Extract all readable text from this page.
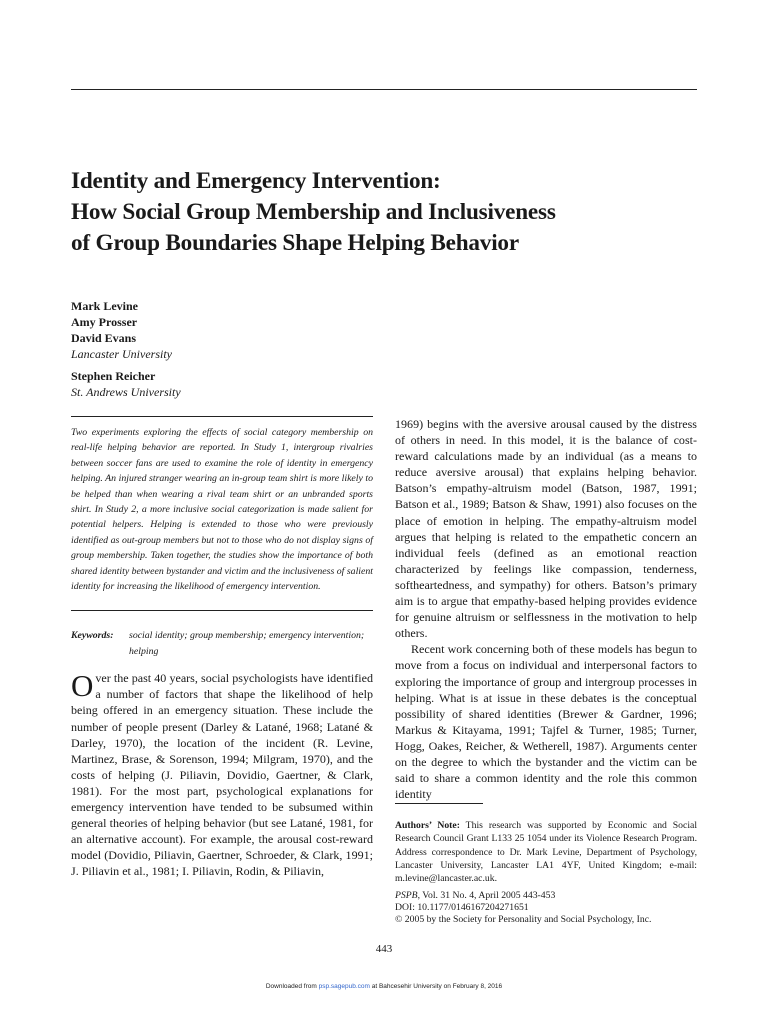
Identity and Emergency Intervention:
How Social Group Membership and Inclusiveness
of Group Boundaries Shape Helping Behavior
Mark Levine
Amy Prosser
David Evans
Lancaster University
Stephen Reicher
St. Andrews University

Two experiments exploring the effects of social category membership on real-life helping behavior are reported. In Study 1, intergroup rivalries between soccer fans are used to examine the role of identity in emergency helping. An injured stranger wearing an in-group team shirt is more likely to be helped than when wearing a rival team shirt or an unbranded sports shirt. In Study 2, a more inclusive social categorization is made salient for potential helpers. Helping is extended to those who were previously identified as out-group members but not to those who do not display signs of group membership. Taken together, the studies show the importance of both shared identity between bystander and victim and the inclusiveness of salient identity for increasing the likelihood of emergency intervention.

Keywords:	social identity; group membership; emergency intervention; helping

Over the past 40 years, social psychologists have identified a number of factors that shape the likelihood of help being offered in an emergency situation. These include the number of people present (Darley & Latané, 1968; Latané & Darley, 1970), the location of the incident (R. Levine, Martinez, Brase, & Sorenson, 1994; Milgram, 1970), and the costs of helping (J. Piliavin, Dovidio, Gaertner, & Clark, 1981). For the most part, psychological explanations for emergency intervention have tended to be subsumed within general theories of helping behavior (but see Latané, 1981, for an alternative account). For example, the arousal cost-reward model (Dovidio, Piliavin, Gaertner, Schroeder, & Clark, 1991; J. Piliavin et al., 1981; I. Piliavin, Rodin, & Piliavin,

1969) begins with the aversive arousal caused by the distress of others in need. In this model, it is the balance of cost-reward calculations made by an individual (as a means to reduce aversive arousal) that explains helping behavior. Batson’s empathy-altruism model (Batson, 1987, 1991; Batson et al., 1989; Batson & Shaw, 1991) also focuses on the place of emotion in helping. The empathy-altruism model argues that helping is related to the empathetic concern an individual feels (defined as an emotional reaction characterized by feelings like compassion, tenderness, softheartedness, and sympathy) for others. Batson’s primary aim is to argue that empathy-based helping provides evidence for genuine altruism or selflessness in the motivation to help others.

Recent work concerning both of these models has begun to move from a focus on individual and interpersonal factors to exploring the importance of group and intergroup processes in helping. What is at issue in these debates is the conceptual possibility of shared identities (Brewer & Gardner, 1996; Markus & Kitayama, 1991; Tajfel & Turner, 1985; Turner, Hogg, Oakes, Reicher, & Wetherell, 1987). Arguments center on the degree to which the bystander and the victim can be said to share a common identity and the role this common identity

Authors’ Note: This research was supported by Economic and Social Research Council Grant L133 25 1054 under its Violence Research Program. Address correspondence to Dr. Mark Levine, Department of Psychology, Lancaster University, Lancaster LA1 4YF, United Kingdom; e-mail: m.levine@lancaster.ac.uk.

PSPB, Vol. 31 No. 4, April 2005 443-453
DOI: 10.1177/0146167204271651
© 2005 by the Society for Personality and Social Psychology, Inc.

443
Downloaded from psp.sagepub.com at Bahcesehir University on February 8, 2016
